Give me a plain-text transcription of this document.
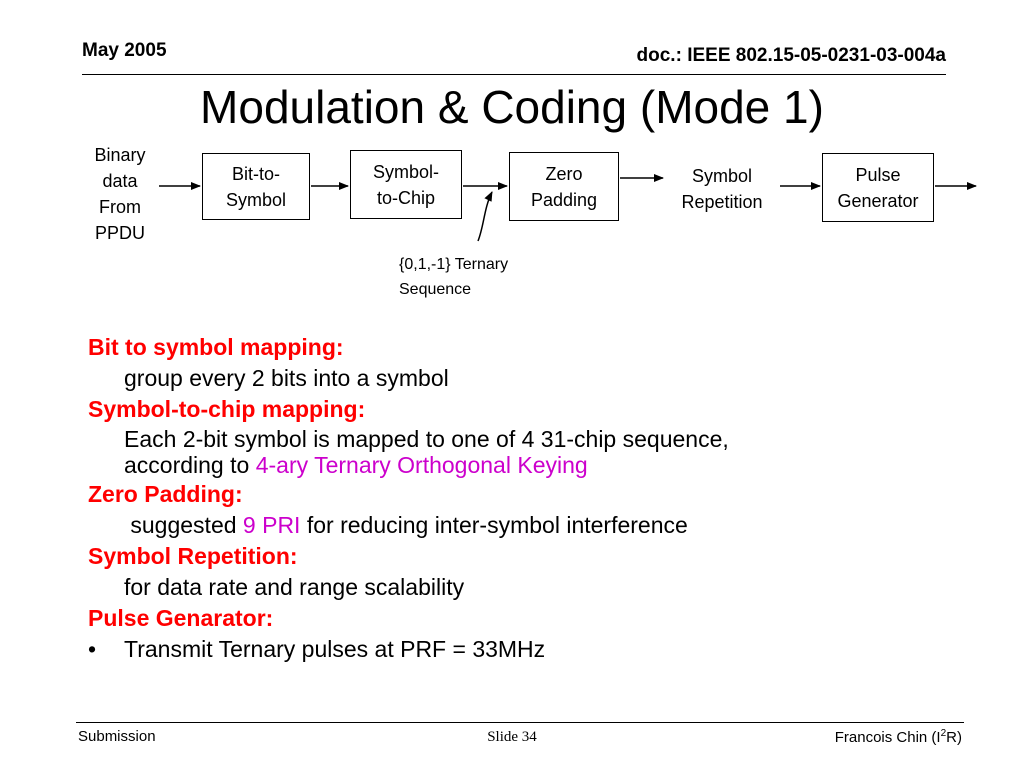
May 2005	doc.: IEEE 802.15-05-0231-03-004a
Modulation & Coding (Mode 1)
Binary
data
From
PPDU
Bit-to-
Symbol
Symbol-
to-Chip
Zero
Padding
Symbol
Repetition
Pulse
Generator
{0,1,-1} Ternary
Sequence
Bit to symbol mapping:
group every 2 bits into a symbol
Symbol-to-chip mapping:
Each 2-bit symbol is mapped to one of 4 31-chip sequence,
according to 4-ary Ternary Orthogonal Keying
Zero Padding:
suggested 9 PRI for reducing inter-symbol interference
Symbol Repetition:
for data rate and range scalability
Pulse Genarator:
•	Transmit Ternary pulses at PRF = 33MHz
Submission	Slide 34	Francois Chin $(I^2R)$
